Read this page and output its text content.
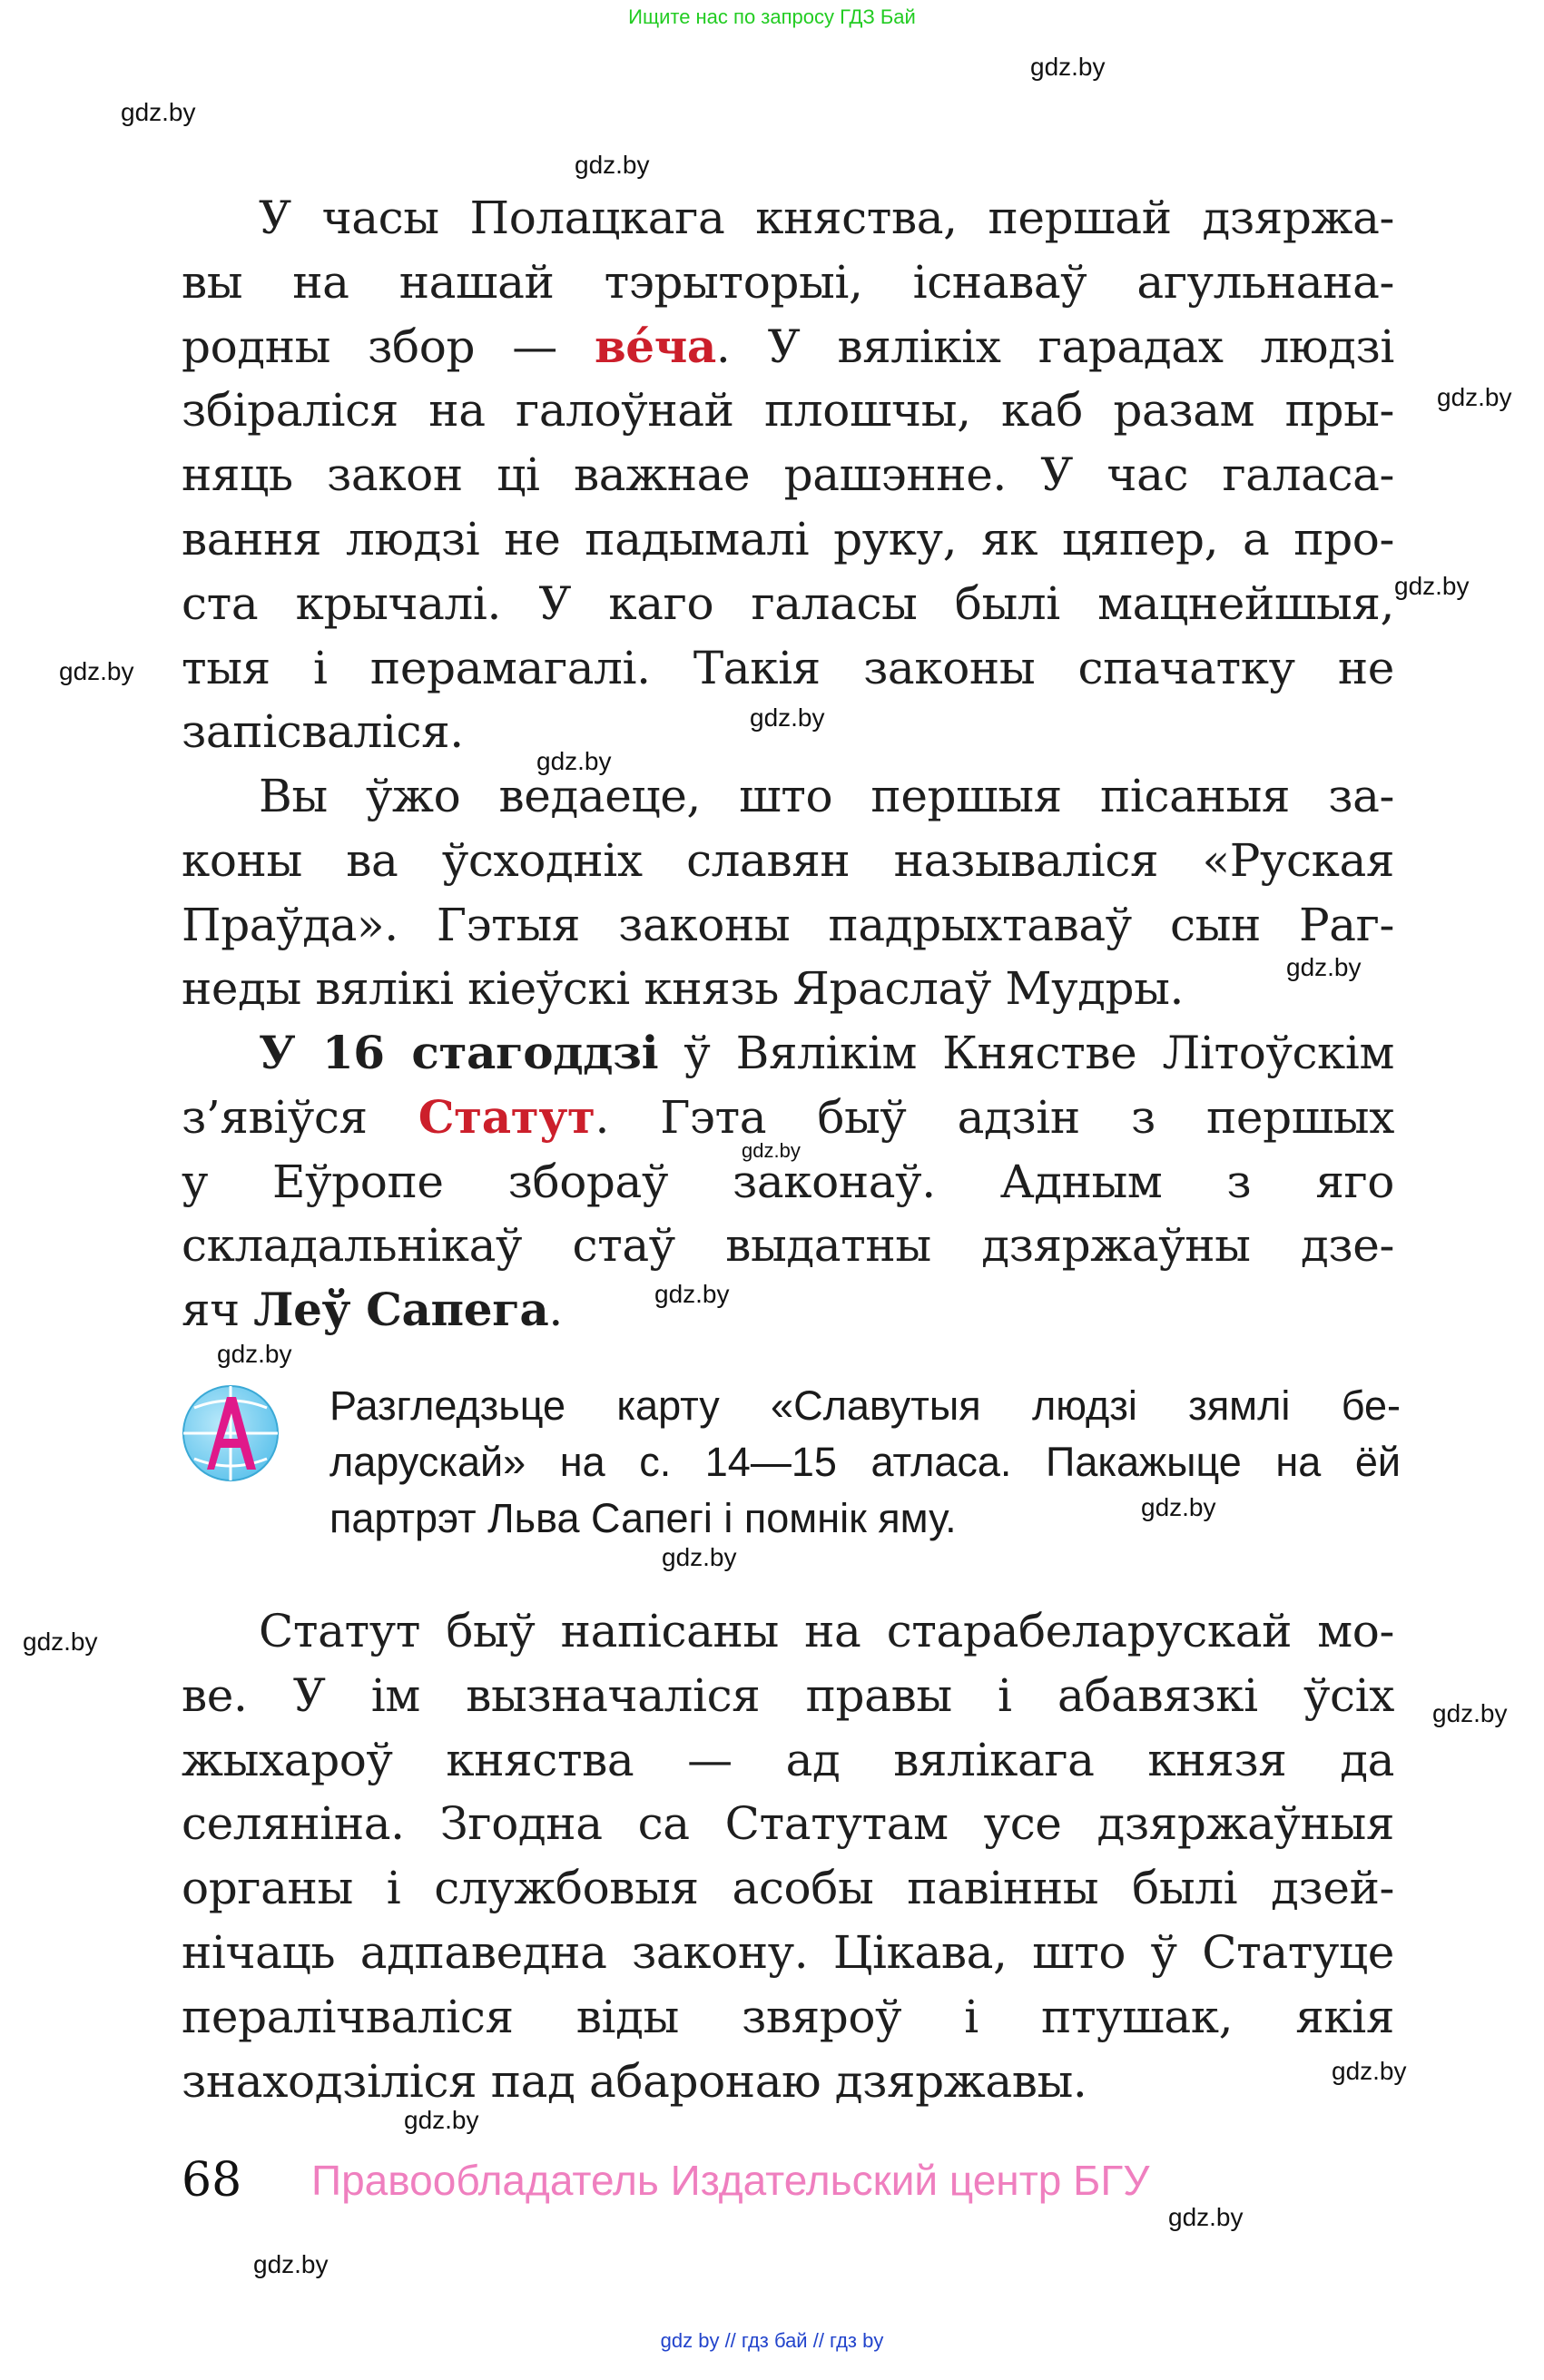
Ищите нас по запросу ГДЗ Бай
gdz.by
gdz.by
gdz.by
gdz.by
gdz.by
gdz.by
gdz.by
gdz.by
gdz.by
gdz.by
gdz.by
gdz.by
gdz.by
gdz.by
gdz.by
gdz.by
gdz.by
gdz.by
gdz.by
gdz.by
У часы Полацкага княства, першай дзяржа-
вы на нашай тэрыторыі, існаваў агульнана-
родны збор — ве́ча. У вялікіх гарадах людзі
збіраліся на галоўнай плошчы, каб разам пры-
няць закон ці важнае рашэнне. У час галаса-
вання людзі не падымалі руку, як цяпер, а про-
ста крычалі. У каго галасы былі мацнейшыя,
тыя і перамагалі. Такія законы спачатку не
запісваліся.
Вы ўжо ведаеце, што першыя пісаныя за-
коны ва ўсходніх славян называліся «Руская
Праўда». Гэтыя законы падрыхтаваў сын Раг-
неды вялікі кіеўскі князь Яраслаў Мудры.
У 16 стагоддзі ў Вялікім Княстве Літоўскім
з’явіўся Статут. Гэта быў адзін з першых
у Еўропе збораў законаў. Адным з яго
складальнікаў стаў выдатны дзяржаўны дзе-
яч Леў Сапега.
Разгледзьце карту «Славутыя людзі зямлі бе-
ларускай» на с. 14—15 атласа. Пакажыце на ёй
партрэт Льва Сапегі і помнік яму.
Статут быў напісаны на старабеларускай мо-
ве. У ім вызначаліся правы і абавязкі ўсіх
жыхароў княства — ад вялікага князя да
селяніна. Згодна са Статутам усе дзяржаўныя
органы і службовыя асобы павінны былі дзей-
нічаць адпаведна закону. Цікава, што ў Статуце
пералічваліся віды звяроў і птушак, якія
знаходзіліся пад абаронаю дзяржавы.
68 Правообладатель Издательский центр БГУ
gdz by // гдз бай // гдз by
